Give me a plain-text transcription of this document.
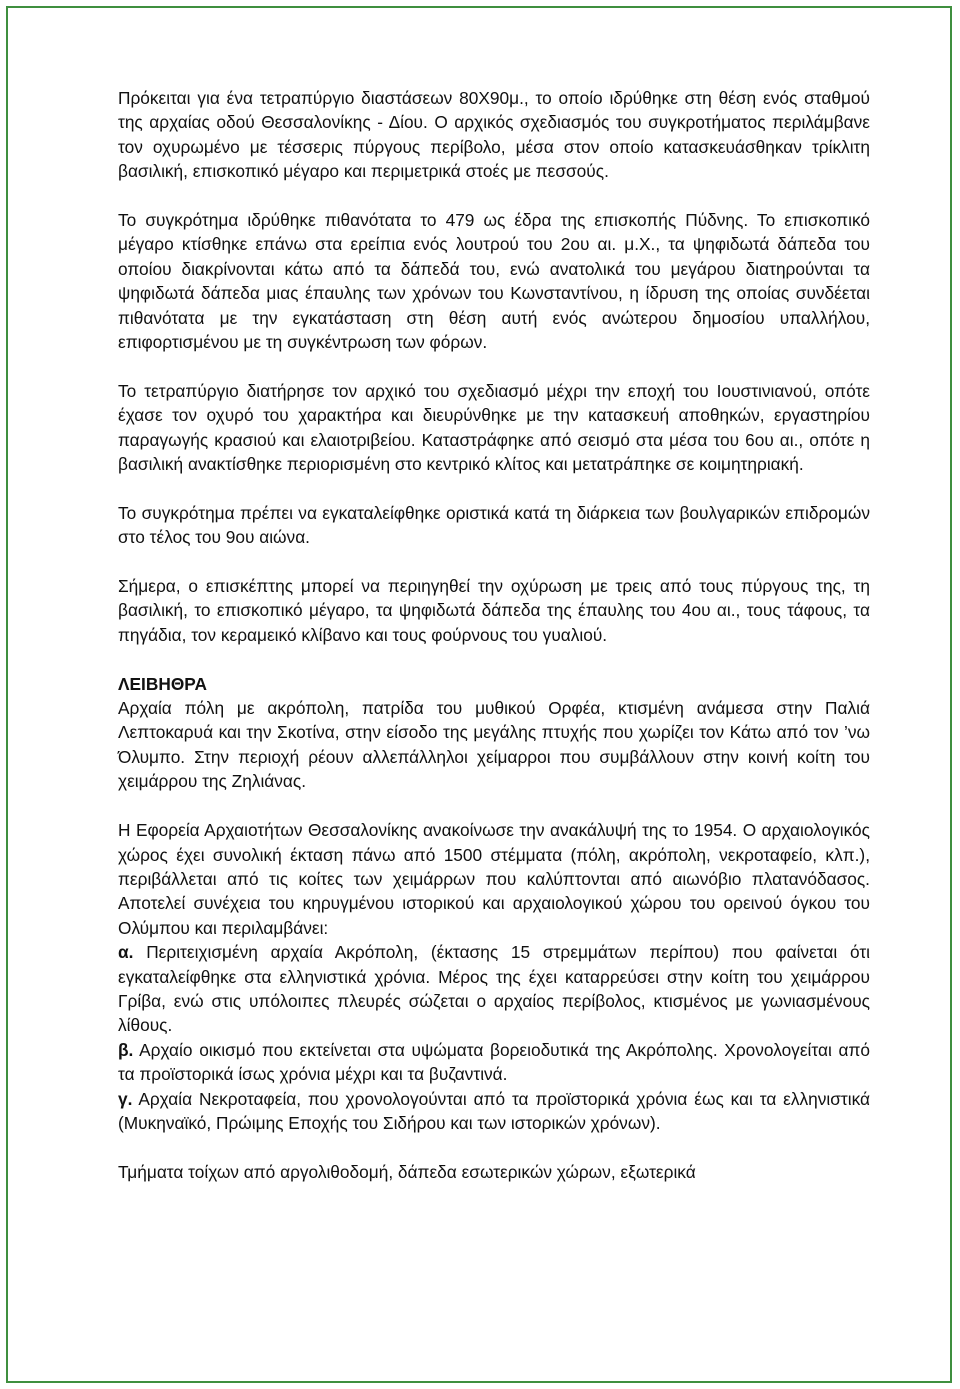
Πρόκειται για ένα τετραπύργιο διαστάσεων 80Χ90μ., το οποίο ιδρύθηκε στη θέση ενός σταθμού της αρχαίας οδού Θεσσαλονίκης - Δίου. Ο αρχικός σχεδιασμός του συγκροτήματος περιλάμβανε τον οχυρωμένο με τέσσερις πύργους περίβολο, μέσα στον οποίο κατασκευάσθηκαν τρίκλιτη βασιλική, επισκοπικό μέγαρο και περιμετρικά στοές με πεσσούς.

Το συγκρότημα ιδρύθηκε πιθανότατα το 479 ως έδρα της επισκοπής Πύδνης. Το επισκοπικό μέγαρο κτίσθηκε επάνω στα ερείπια ενός λουτρού του 2ου αι. μ.Χ., τα ψηφιδωτά δάπεδα του οποίου διακρίνονται κάτω από τα δάπεδά του, ενώ ανατολικά του μεγάρου διατηρούνται τα ψηφιδωτά δάπεδα μιας έπαυλης των χρόνων του Κωνσταντίνου, η ίδρυση της οποίας συνδέεται πιθανότατα με την εγκατάσταση στη θέση αυτή ενός ανώτερου δημοσίου υπαλλήλου, επιφορτισμένου με τη συγκέντρωση των φόρων.

Το τετραπύργιο διατήρησε τον αρχικό του σχεδιασμό μέχρι την εποχή του Ιουστινιανού, οπότε έχασε τον οχυρό του χαρακτήρα και διευρύνθηκε με την κατασκευή αποθηκών, εργαστηρίου παραγωγής κρασιού και ελαιοτριβείου. Καταστράφηκε από σεισμό στα μέσα του 6ου αι., οπότε η βασιλική ανακτίσθηκε περιορισμένη στο κεντρικό κλίτος και μετατράπηκε σε κοιμητηριακή.

Το συγκρότημα πρέπει να εγκαταλείφθηκε οριστικά κατά τη διάρκεια των βουλγαρικών επιδρομών στο τέλος του 9ου αιώνα.

Σήμερα, ο επισκέπτης μπορεί να περιηγηθεί την οχύρωση με τρεις από τους πύργους της, τη βασιλική, το επισκοπικό μέγαρο, τα ψηφιδωτά δάπεδα της έπαυλης του 4ου αι., τους τάφους, τα πηγάδια, τον κεραμεικό κλίβανο και τους φούρνους του γυαλιού.

ΛΕΙΒΗΘΡΑ

Αρχαία πόλη με ακρόπολη, πατρίδα του μυθικού Ορφέα, κτισμένη ανάμεσα στην Παλιά Λεπτοκαρυά και την Σκοτίνα, στην είσοδο της μεγάλης πτυχής που χωρίζει τον Κάτω από τον ’νω Όλυμπο. Στην περιοχή ρέουν αλλεπάλληλοι χείμαρροι που συμβάλλουν στην κοινή κοίτη του χειμάρρου της Ζηλιάνας.

Η Εφορεία Αρχαιοτήτων Θεσσαλονίκης ανακοίνωσε την ανακάλυψή της το 1954. Ο αρχαιολογικός χώρος έχει συνολική έκταση πάνω από 1500 στέμματα (πόλη, ακρόπολη, νεκροταφείο, κλπ.), περιβάλλεται από τις κοίτες των χειμάρρων που καλύπτονται από αιωνόβιο πλατανόδασος. Αποτελεί συνέχεια του κηρυγμένου ιστορικού και αρχαιολογικού χώρου του ορεινού όγκου του Ολύμπου και περιλαμβάνει:
α. Περιτειχισμένη αρχαία Ακρόπολη, (έκτασης 15 στρεμμάτων περίπου) που φαίνεται ότι εγκαταλείφθηκε στα ελληνιστικά χρόνια. Μέρος της έχει καταρρεύσει στην κοίτη του χειμάρρου Γρίβα, ενώ στις υπόλοιπες πλευρές σώζεται ο αρχαίος περίβολος, κτισμένος με γωνιασμένους λίθους.
β. Αρχαίο οικισμό που εκτείνεται στα υψώματα βορειοδυτικά της Ακρόπολης. Χρονολογείται από τα προϊστορικά ίσως χρόνια μέχρι και τα βυζαντινά.
γ. Αρχαία Νεκροταφεία, που χρονολογούνται από τα προϊστορικά χρόνια έως και τα ελληνιστικά (Μυκηναϊκό, Πρώιμης Εποχής του Σιδήρου και των ιστορικών χρόνων).

Τμήματα τοίχων από αργολιθοδομή, δάπεδα εσωτερικών χώρων, εξωτερικά
